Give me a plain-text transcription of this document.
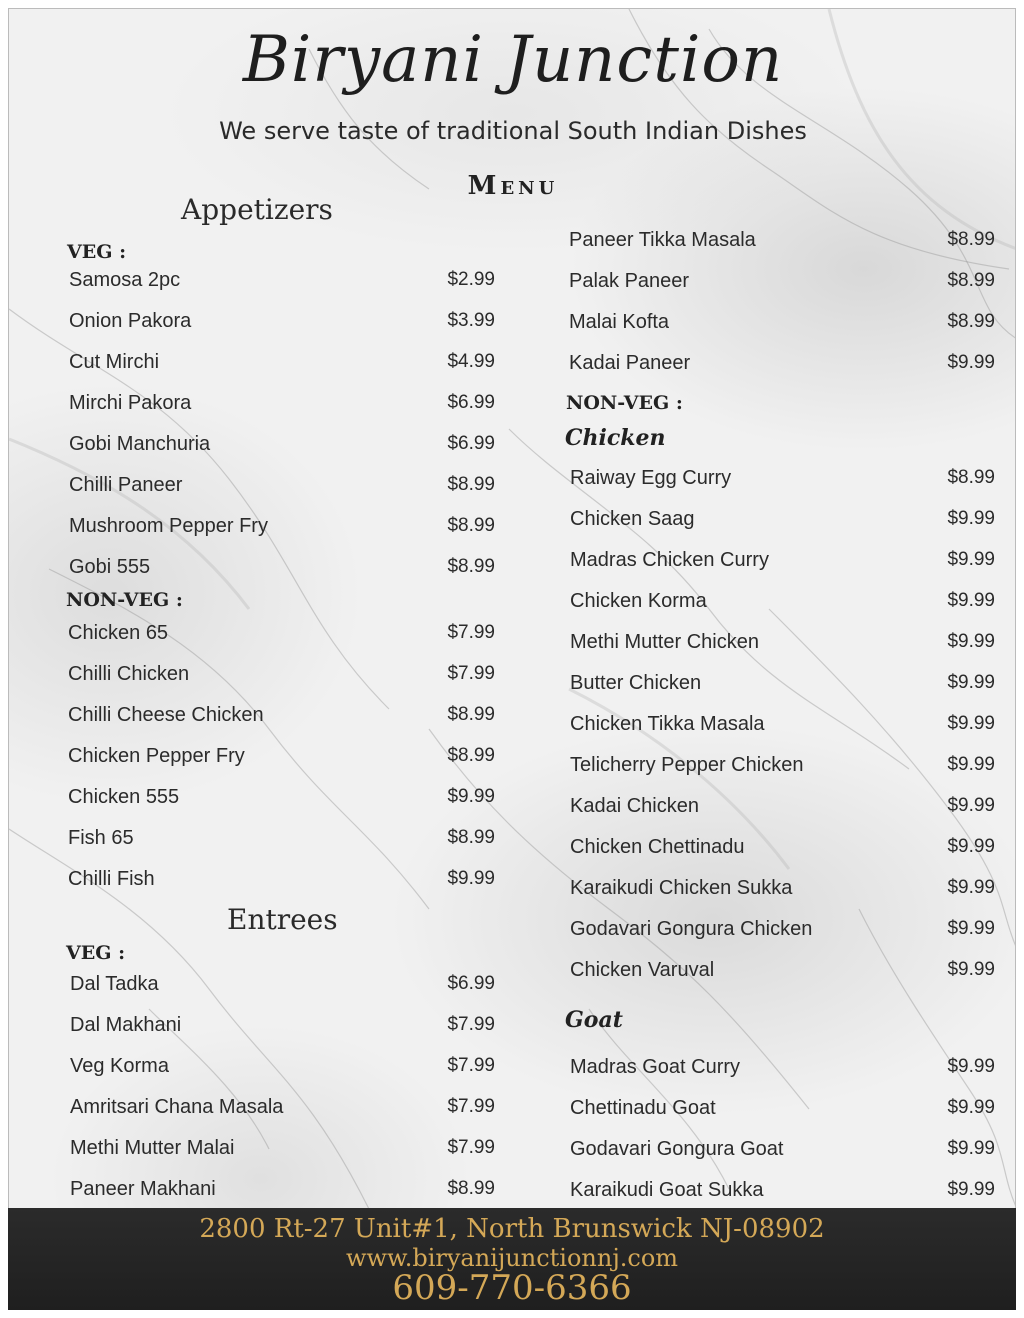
Biryani Junction
We serve taste of traditional South Indian Dishes
Menu
Appetizers
VEG :
Samosa 2pc	$2.99
Onion Pakora	$3.99
Cut Mirchi	$4.99
Mirchi Pakora	$6.99
Gobi Manchuria	$6.99
Chilli Paneer	$8.99
Mushroom Pepper Fry	$8.99
Gobi 555	$8.99
NON-VEG :
Chicken 65	$7.99
Chilli Chicken	$7.99
Chilli Cheese Chicken	$8.99
Chicken Pepper Fry	$8.99
Chicken 555	$9.99
Fish 65	$8.99
Chilli Fish	$9.99
Entrees
VEG :
Dal Tadka	$6.99
Dal Makhani	$7.99
Veg Korma	$7.99
Amritsari Chana Masala	$7.99
Methi Mutter Malai	$7.99
Paneer Makhani	$8.99
Paneer Tikka Masala	$8.99
Palak Paneer	$8.99
Malai Kofta	$8.99
Kadai Paneer	$9.99
NON-VEG :
Chicken
Raiway Egg Curry	$8.99
Chicken Saag	$9.99
Madras Chicken Curry	$9.99
Chicken Korma	$9.99
Methi Mutter Chicken	$9.99
Butter Chicken	$9.99
Chicken Tikka Masala	$9.99
Telicherry Pepper Chicken	$9.99
Kadai Chicken	$9.99
Chicken Chettinadu	$9.99
Karaikudi Chicken Sukka	$9.99
Godavari Gongura Chicken	$9.99
Chicken Varuval	$9.99
Goat
Madras Goat Curry	$9.99
Chettinadu Goat	$9.99
Godavari Gongura Goat	$9.99
Karaikudi Goat Sukka	$9.99
2800 Rt-27 Unit#1, North Brunswick NJ-08902
www.biryanijunctionnj.com
609-770-6366
